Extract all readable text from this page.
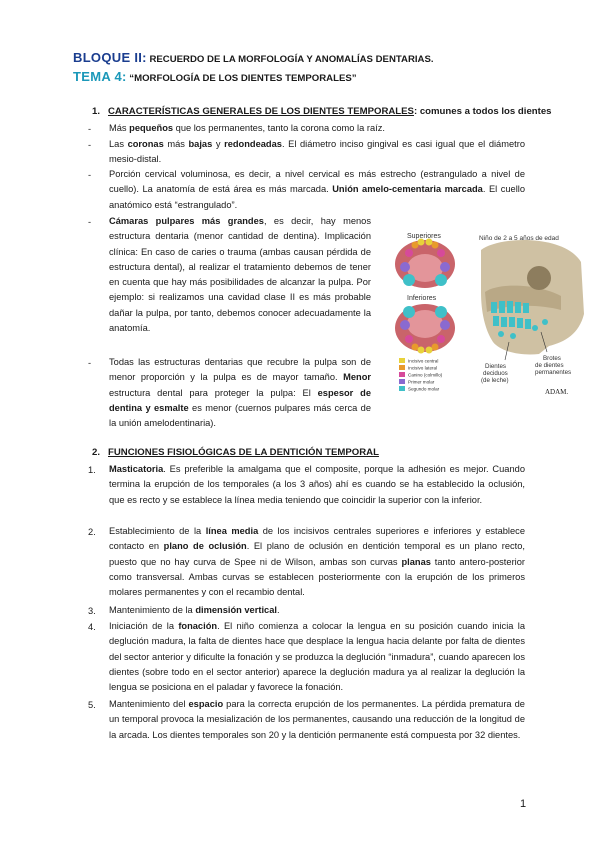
BLOQUE II: RECUERDO DE LA MORFOLOGÍA Y ANOMALÍAS DENTARIAS.
TEMA 4: “MORFOLOGÍA DE LOS DIENTES TEMPORALES”
1. CARACTERÍSTICAS GENERALES DE LOS DIENTES TEMPORALES: comunes a todos los dientes
- Más pequeños que los permanentes, tanto la corona como la raíz.
- Las coronas más bajas y redondeadas. El diámetro inciso gingival es casi igual que el diámetro mesio-distal.
- Porción cervical voluminosa, es decir, a nivel cervical es más estrecho (estrangulado a nivel de cuello). La anatomía de está área es más marcada. Unión amelo-cementaria marcada. El cuello anatómico está “estrangulado”.
- Cámaras pulpares más grandes, es decir, hay menos estructura dentaria (menor cantidad de dentina). Implicación clínica: En caso de caries o trauma (ambas causan pérdida de estructura dental), al realizar el tratamiento debemos de tener en cuenta que hay más posibilidades de alcanzar la pulpa. Por ejemplo: si realizamos una cavidad clase II es más probable dañar la pulpa, por tanto, debemos conocer adecuadamente la anatomía.
- Todas las estructuras dentarias que recubre la pulpa son de menor proporción y la pulpa es de mayor tamaño. Menor estructura dental para proteger la pulpa: El espesor de dentina y esmalte es menor (cuernos pulpares más cerca de la unión amelodentinaria).
Incisivo central
Incisivo lateral
Canino (colmillo)
Primer molar
Segundo molar
Superiores
Inferiores
Niño de 2 a 5 años de edad
Dientes deciduos (de leche)
Brotes de dientes permanentes
ADAM.
2. FUNCIONES FISIOLÓGICAS DE LA DENTICIÓN TEMPORAL
1. Masticatoria. Es preferible la amalgama que el composite, porque la adhesión es mejor. Cuando termina la erupción de los temporales (a los 3 años) ahí es cuando se ha establecido la oclusión, que es recto y se establece la línea media teniendo que coincidir la superior con la inferior.
2. Establecimiento de la línea media de los incisivos centrales superiores e inferiores y establece contacto en plano de oclusión. El plano de oclusión en dentición temporal es un plano recto, puesto que no hay curva de Spee ni de Wilson, ambas son curvas planas tanto antero-posterior como transversal. Ambas curvas se establecen posteriormente con la erupción de los primeros molares permanentes y con el recambio dental.
3. Mantenimiento de la dimensión vertical.
4. Iniciación de la fonación. El niño comienza a colocar la lengua en su posición cuando inicia la deglución madura, la falta de dientes hace que desplace la lengua hacia delante por falta de dientes del sector anterior y dificulte la fonación y se produzca la deglución “inmadura”, cuando aparecen los dientes (sobre todo en el sector anterior) aparece la deglución madura ya al realizar la deglución la lengua se posiciona en el paladar y favorece la fonación.
5. Mantenimiento del espacio para la correcta erupción de los permanentes. La pérdida prematura de un temporal provoca la mesialización de los permanentes, causando una reducción de la longitud de la arcada. Los dientes temporales son 20 y la dentición permanente está compuesta por 32 dientes.
1
